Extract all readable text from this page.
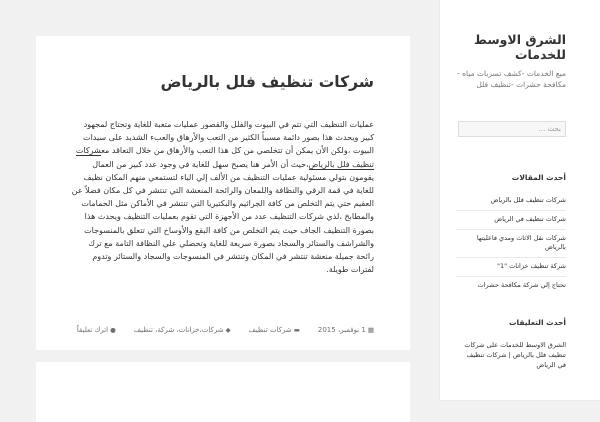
الشرق الاوسط للخدمات
مبع الخدمات -كشف تسربات مياه - مكافحة حشرات -تنظيف فلل
بحث …
أحدث المقالات
شركات تنظيف فلل بالرياض
شركات تنظيف في الرياض
شركات نقل الاثاث ومدي فاعليتها بالرياض
شركة تنظيف خزانات "1"
تحتاج إلي شركة مكافحة حشرات
أحدث التعليقات
الشرق الاوسط للخدمات على شركات تنظيف فلل بالرياض | شركات تنظيف في الرياض
شركات تنظيف فلل بالرياض
عمليات التنظيف التي تتم في البيوت والفلل والقصور عمليات متعبة للغاية وتحتاج لمجهود كبير ويحدث هذا بصور دائمة مسبباً الكثير من التعب والأرهاق والعبء الشديد على سيدات البيوت ،ولكن الأن يمكن أن تتخلصي من كل هذا التعب والأرهاق من خلال التعاقد معشركات تنظيف فلل بالرياض،حيث أن الأمر هنا يصبح سهل للغاية في وجود عدد كبير من العمال يقومون بتولي مسئولية عمليات التنظيف من الألف إلي الياء لتستمعي منهم المكان نظيف للغاية في قمة الرقي والنظافة واللمعان والرائحة المنعشة التي تنتشر في كل مكان فضلاً عن العقيم حتي يتم التخلص من كافة الجراثيم والبكتيريا التي تنتشر في الأماكن مثل الحمامات والمطابخ ،لذي شركات التنظيف عدد من الأجهزة التي تقوم بعمليات التنظيف ويحدث هذا بصورة التنظيف الجاف حيث يتم التخلص من كافة البقع والأوساخ التي تتعلق بالمنسوجات والشراشف والستائر والسجاد بصورة سريعة للغاية وتحصلي علي النظافة التامة مع ترك رائحة جميلة منعشة تنتشر في المكان وتنتشر في المنسوجات والسجاد والستائر وتدوم لفترات طويلة.
▦1 نوفمبر، 2015▬شركات تنظيف◆شركات،خزانات، شركة، تنظيف●اترك تعليقاً
